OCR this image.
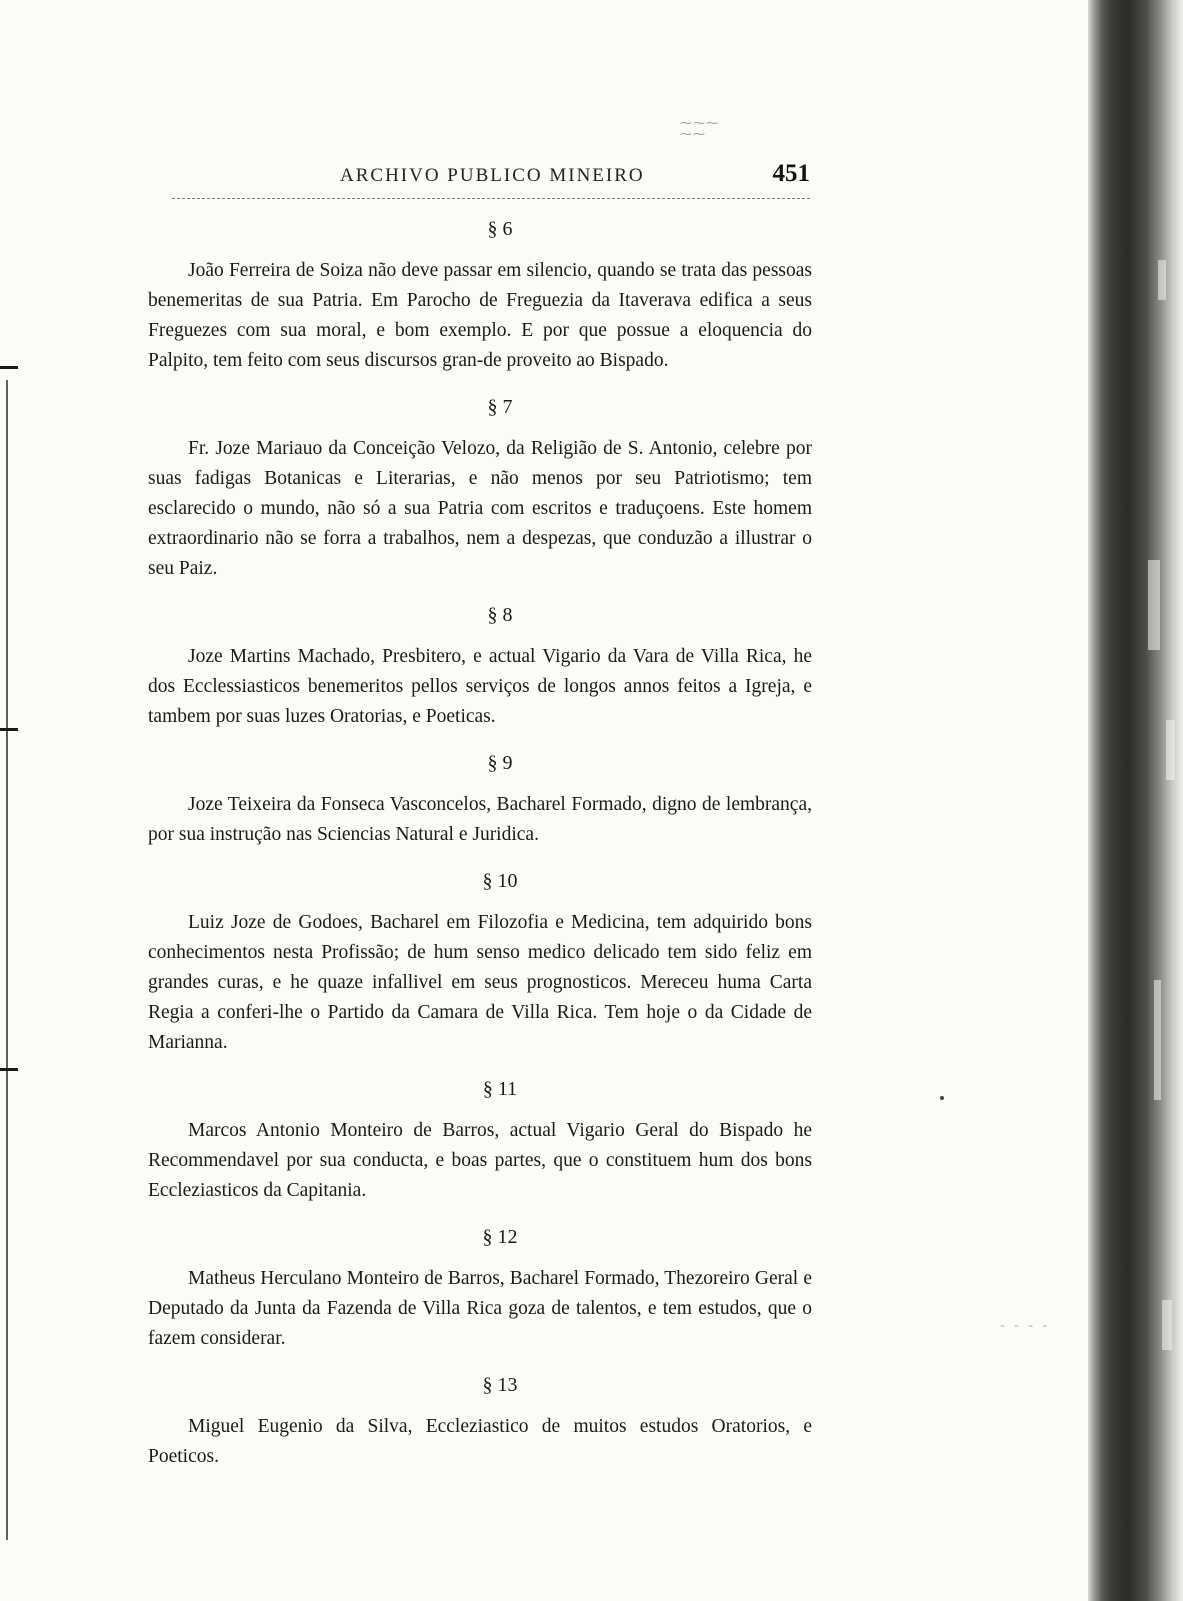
⁓⁓⁓
⁓⁓
- - - -
ARCHIVO PUBLICO MINEIRO	451
§ 6

João Ferreira de Soiza não deve passar em silencio, quando se trata das pessoas benemeritas de sua Patria. Em Parocho de Freguezia da Itaverava edifica a seus Freguezes com sua moral, e bom exemplo. E por que possue a eloquencia do Palpito, tem feito com seus discursos gran-de proveito ao Bispado.

§ 7

Fr. Joze Mariauo da Conceição Velozo, da Religião de S. Antonio, celebre por suas fadigas Botanicas e Literarias, e não menos por seu Patriotismo; tem esclarecido o mundo, não só a sua Patria com escritos e traduçoens. Este homem extraordinario não se forra a trabalhos, nem a despezas, que conduzão a illustrar o seu Paiz.

§ 8

Joze Martins Machado, Presbitero, e actual Vigario da Vara de Villa Rica, he dos Ecclessiasticos benemeritos pellos serviços de longos annos feitos a Igreja, e tambem por suas luzes Oratorias, e Poeticas.

§ 9

Joze Teixeira da Fonseca Vasconcelos, Bacharel Formado, digno de lembrança, por sua instrução nas Sciencias Natural e Juridica.

§ 10

Luiz Joze de Godoes, Bacharel em Filozofia e Medicina, tem adquirido bons conhecimentos nesta Profissão; de hum senso medico delicado tem sido feliz em grandes curas, e he quaze infallivel em seus prognosticos. Mereceu huma Carta Regia a conferi-lhe o Partido da Camara de Villa Rica. Tem hoje o da Cidade de Marianna.

§ 11

Marcos Antonio Monteiro de Barros, actual Vigario Geral do Bispado he Recommendavel por sua conducta, e boas partes, que o constituem hum dos bons Eccleziasticos da Capitania.

§ 12

Matheus Herculano Monteiro de Barros, Bacharel Formado, Thezoreiro Geral e Deputado da Junta da Fazenda de Villa Rica goza de talentos, e tem estudos, que o fazem considerar.

§ 13

Miguel Eugenio da Silva, Eccleziastico de muitos estudos Oratorios, e Poeticos.
